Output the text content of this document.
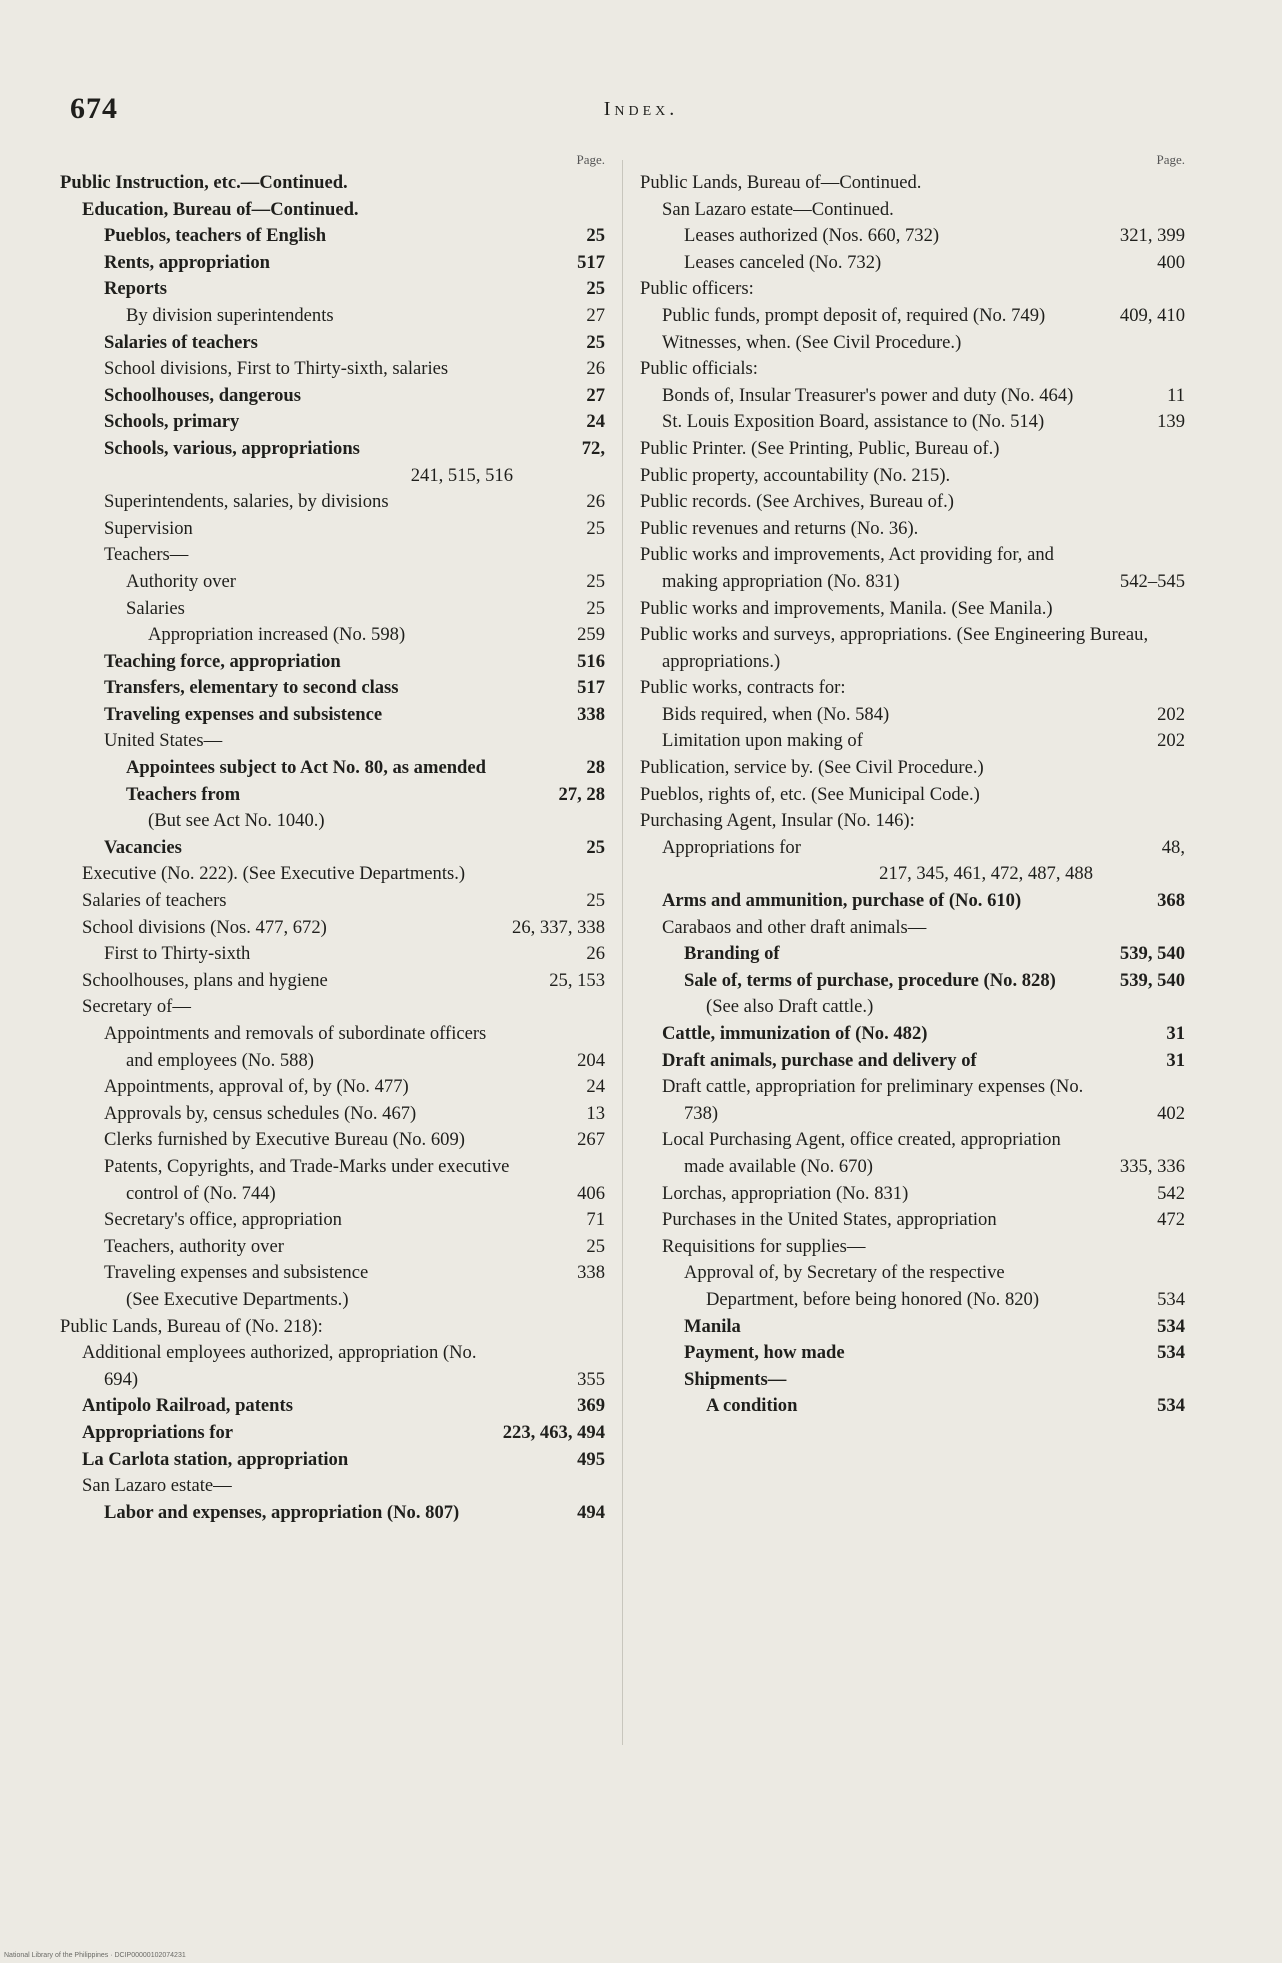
674	Index.
Page.
Public Instruction, etc.—Continued.
Education, Bureau of—Continued.
Pueblos, teachers of English	25
Rents, appropriation	517
Reports	25
By division superintendents	27
Salaries of teachers	25
School divisions, First to Thirty-sixth, salaries	26
Schoolhouses, dangerous	27
Schools, primary	24
Schools, various, appropriations	72,
241, 515, 516
Superintendents, salaries, by divisions	26
Supervision	25
Teachers—
Authority over	25
Salaries	25
Appropriation increased (No. 598)	259
Teaching force, appropriation	516
Transfers, elementary to second class	517
Traveling expenses and subsistence	338
United States—
Appointees subject to Act No. 80, as amended	28
Teachers from	27, 28
(But see Act No. 1040.)
Vacancies	25
Executive (No. 222). (See Executive Departments.)
Salaries of teachers	25
School divisions (Nos. 477, 672)	26, 337, 338
First to Thirty-sixth	26
Schoolhouses, plans and hygiene	25, 153
Secretary of—
Appointments and removals of subordinate officers and employees (No. 588)	204
Appointments, approval of, by (No. 477)	24
Approvals by, census schedules (No. 467)	13
Clerks furnished by Executive Bureau (No. 609)	267
Patents, Copyrights, and Trade-Marks under executive control of (No. 744)	406
Secretary's office, appropriation	71
Teachers, authority over	25
Traveling expenses and subsistence	338
(See Executive Departments.)
Public Lands, Bureau of (No. 218):
Additional employees authorized, appropriation (No. 694)	355
Antipolo Railroad, patents	369
Appropriations for	223, 463, 494
La Carlota station, appropriation	495
San Lazaro estate—
Labor and expenses, appropriation (No. 807)	494
Page.
Public Lands, Bureau of—Continued.
San Lazaro estate—Continued.
Leases authorized (Nos. 660, 732)	321, 399
Leases canceled (No. 732)	400
Public officers:
Public funds, prompt deposit of, required (No. 749)	409, 410
Witnesses, when. (See Civil Procedure.)
Public officials:
Bonds of, Insular Treasurer's power and duty (No. 464)	11
St. Louis Exposition Board, assistance to (No. 514)	139
Public Printer. (See Printing, Public, Bureau of.)
Public property, accountability (No. 215).
Public records. (See Archives, Bureau of.)
Public revenues and returns (No. 36).
Public works and improvements, Act providing for, and making appropriation (No. 831)	542–545
Public works and improvements, Manila. (See Manila.)
Public works and surveys, appropriations. (See Engineering Bureau, appropriations.)
Public works, contracts for:
Bids required, when (No. 584)	202
Limitation upon making of	202
Publication, service by. (See Civil Procedure.)
Pueblos, rights of, etc. (See Municipal Code.)
Purchasing Agent, Insular (No. 146):
Appropriations for	48,
217, 345, 461, 472, 487, 488
Arms and ammunition, purchase of (No. 610)	368
Carabaos and other draft animals—
Branding of	539, 540
Sale of, terms of purchase, procedure (No. 828)	539, 540
(See also Draft cattle.)
Cattle, immunization of (No. 482)	31
Draft animals, purchase and delivery of	31
Draft cattle, appropriation for preliminary expenses (No. 738)	402
Local Purchasing Agent, office created, appropriation made available (No. 670)	335, 336
Lorchas, appropriation (No. 831)	542
Purchases in the United States, appropriation	472
Requisitions for supplies—
Approval of, by Secretary of the respective Department, before being honored (No. 820)	534
Manila	534
Payment, how made	534
Shipments—
A condition	534
National Library of the Philippines · DCIP00000102074231
